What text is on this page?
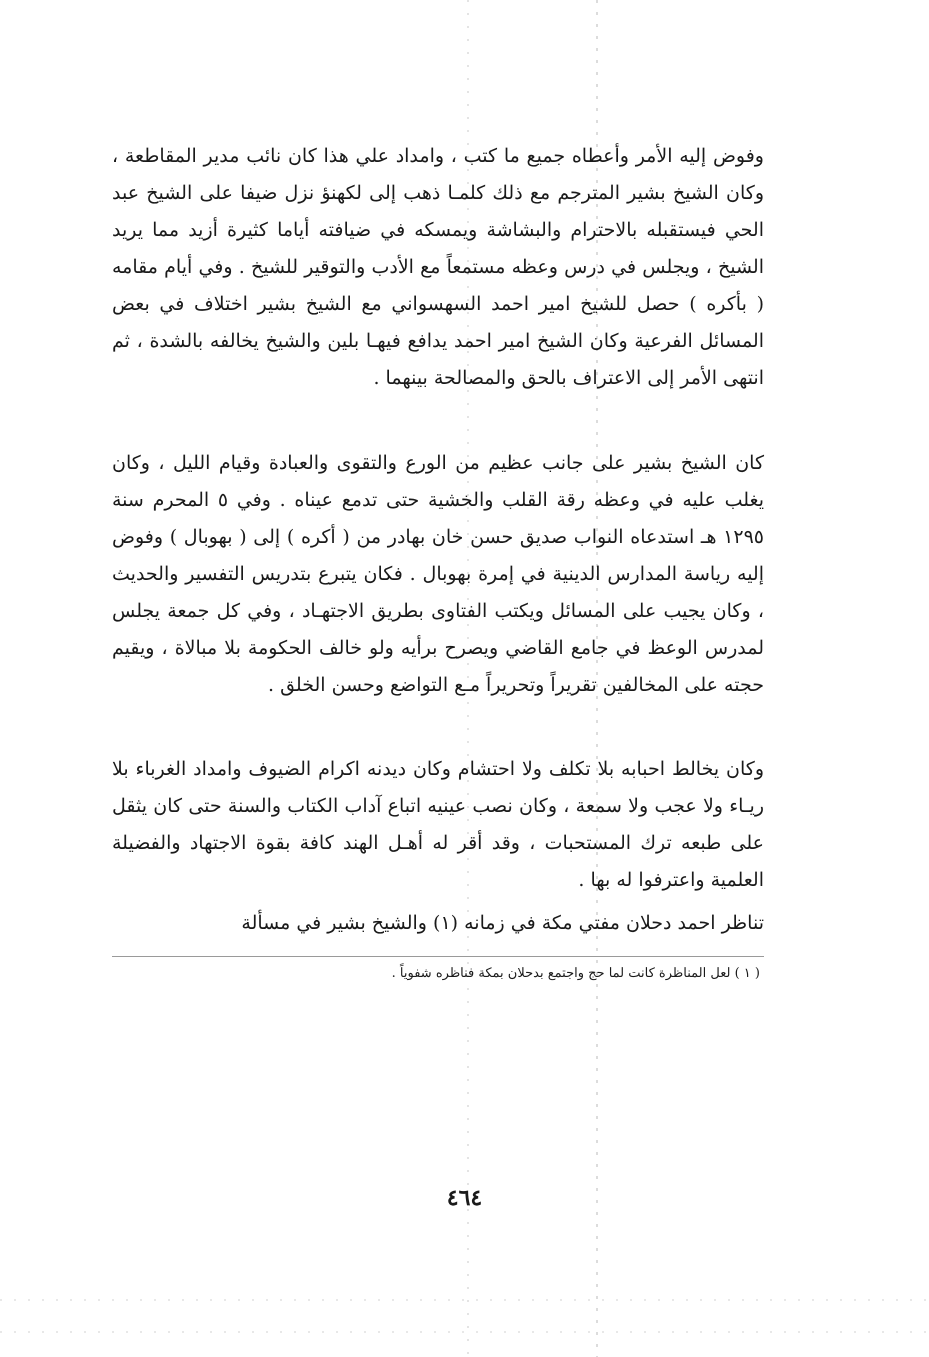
وفوض إليه الأمر وأعطاه جميع ما كتب ، وامداد علي هذا كان نائب مدير المقاطعة ، وكان الشيخ بشير المترجم مع ذلك كلمـا ذهب إلى لكهنؤ نزل ضيفا على الشيخ عبد الحي فيستقبله بالاحترام والبشاشة ويمسكه في ضيافته أياما كثيرة أزيد مما يريد الشيخ ، ويجلس في درس وعظه مستمعاً مع الأدب والتوقير للشيخ . وفي أيام مقامه ( بأكره ) حصل للشيخ امير احمد السهسواني مع الشيخ بشير اختلاف في بعض المسائل الفرعية وكان الشيخ امير احمد يدافع فيهـا بلين والشيخ يخالفه بالشدة ، ثم انتهى الأمر إلى الاعتراف بالحق والمصالحة بينهما .

كان الشيخ بشير على جانب عظيم من الورع والتقوى والعبادة وقيام الليل ، وكان يغلب عليه في وعظه رقة القلب والخشية حتى تدمع عيناه . وفي ٥ المحرم سنة ١٢٩٥ هـ استدعاه النواب صديق حسن خان بهادر من ( أكره ) إلى ( بهوبال ) وفوض إليه رياسة المدارس الدينية في إمرة بهوبال . فكان يتبرع بتدريس التفسير والحديث ، وكان يجيب على المسائل ويكتب الفتاوى بطريق الاجتهـاد ، وفي كل جمعة يجلس لمدرس الوعظ في جامع القاضي ويصرح برأيه ولو خالف الحكومة بلا مبالاة ، ويقيم حجته على المخالفين تقريراً وتحريراً مـع التواضع وحسن الخلق .

وكان يخالط احبابه بلا تكلف ولا احتشام وكان ديدنه اكرام الضيوف وامداد الغرباء بلا ريـاء ولا عجب ولا سمعة ، وكان نصب عينيه اتباع آداب الكتاب والسنة حتى كان يثقل على طبعه ترك المستحبات ، وقد أقر له أهـل الهند كافة بقوة الاجتهاد والفضيلة العلمية واعترفوا له بها .

تناظر احمد دحلان مفتي مكة في زمانه (١) والشيخ بشير في مسألة

( ١ ) لعل المناظرة كانت لما حج واجتمع بدحلان بمكة فناظره شفوياً .

٤٦٤
